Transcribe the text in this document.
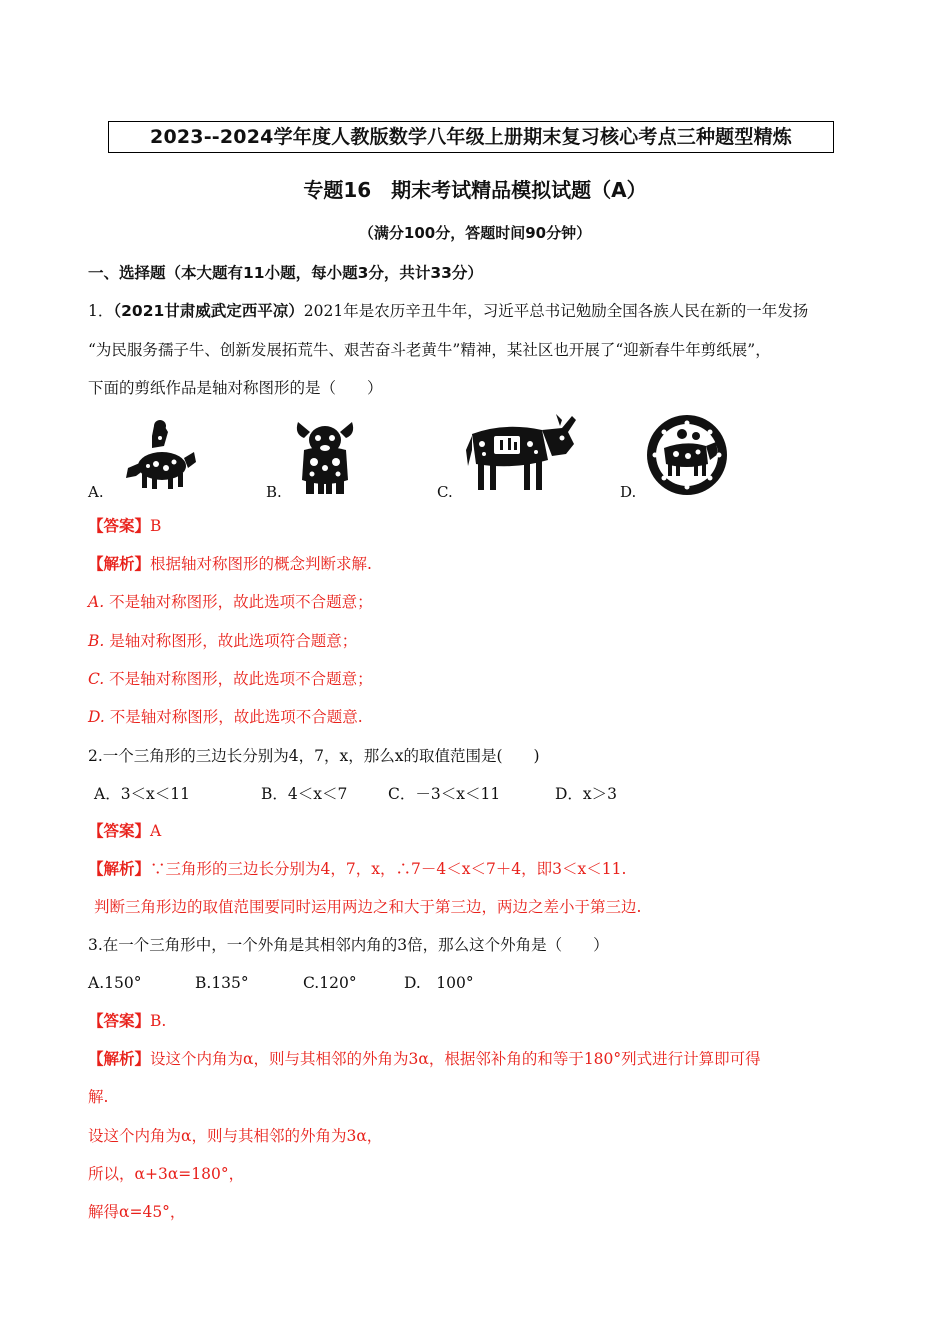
2023--2024学年度人教版数学八年级上册期末复习核心考点三种题型精炼
专题16　期末考试精品模拟试题（A）
（满分100分，答题时间90分钟）
一、选择题（本大题有11小题，每小题3分，共计33分）
1．（2021甘肃威武定西平凉）2021年是农历辛丑牛年，习近平总书记勉励全国各族人民在新的一年发扬
“为民服务孺子牛、创新发展拓荒牛、艰苦奋斗老黄牛”精神，某社区也开展了“迎新春牛年剪纸展”，
下面的剪纸作品是轴对称图形的是（　　）
A.	B.	C.	D.
【答案】B
【解析】根据轴对称图形的概念判断求解.
A. 不是轴对称图形，故此选项不合题意；
B. 是轴对称图形，故此选项符合题意；
C. 不是轴对称图形，故此选项不合题意；
D. 不是轴对称图形，故此选项不合题意.
2.一个三角形的三边长分别为4，7，x，那么x的取值范围是(　　)
A．3＜x＜11	B．4＜x＜7	C．－3＜x＜11	D．x＞3
【答案】A
【解析】∵三角形的三边长分别为4，7，x，∴7－4＜x＜7＋4，即3＜x＜11.
判断三角形边的取值范围要同时运用两边之和大于第三边，两边之差小于第三边.
3.在一个三角形中，一个外角是其相邻内角的3倍，那么这个外角是（　　）
A.150°	B.135°	C.120°	D.　100°
【答案】B.
【解析】设这个内角为α，则与其相邻的外角为3α，根据邻补角的和等于180°列式进行计算即可得
解.
设这个内角为α，则与其相邻的外角为3α，
所以，α+3α=180°，
解得α=45°，
